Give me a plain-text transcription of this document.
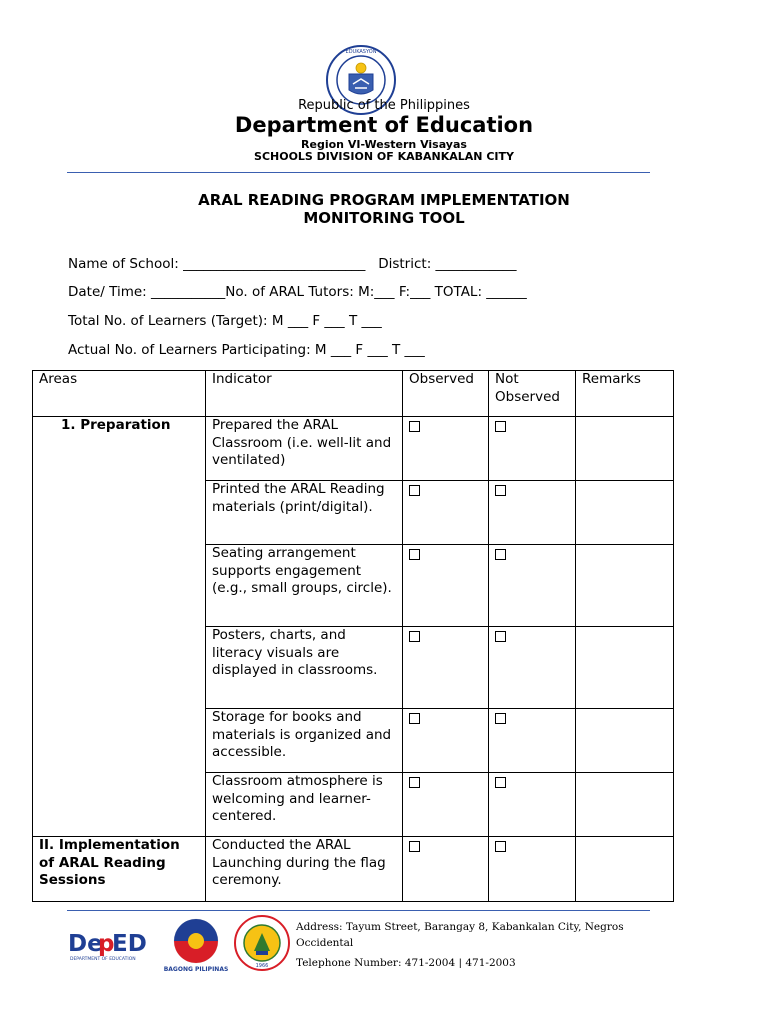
EDUKASYON
Republic of the Philippines
Department of Education
Region VI-Western Visayas
SCHOOLS DIVISION OF KABANKALAN CITY
ARAL READING PROGRAM IMPLEMENTATION
MONITORING TOOL
Name of School: ___________________________   District: ____________
Date/ Time: ___________No. of ARAL Tutors: M:___ F:___ TOTAL: ______
Total No. of Learners (Target): M ___ F ___ T ___
Actual No. of Learners Participating: M ___ F ___ T ___
Areas	Indicator	Observed	Not Observed	Remarks
1. Preparation	Prepared the ARAL Classroom (i.e. well-lit and ventilated)			
	Printed the ARAL Reading materials (print/digital).			
	Seating arrangement supports engagement (e.g., small groups, circle).			
	Posters, charts, and literacy visuals are displayed in classrooms.			
	Storage for books and materials is organized and accessible.			
	Classroom atmosphere is welcoming and learner-centered.			
II. Implementation of ARAL Reading Sessions	Conducted the ARAL Launching during the flag ceremony.			
De
p
ED
DEPARTMENT OF EDUCATION
BAGONG PILIPINAS	1966
Address: Tayum Street, Barangay 8, Kabankalan City, Negros Occidental
Telephone Number: 471-2004 | 471-2003
